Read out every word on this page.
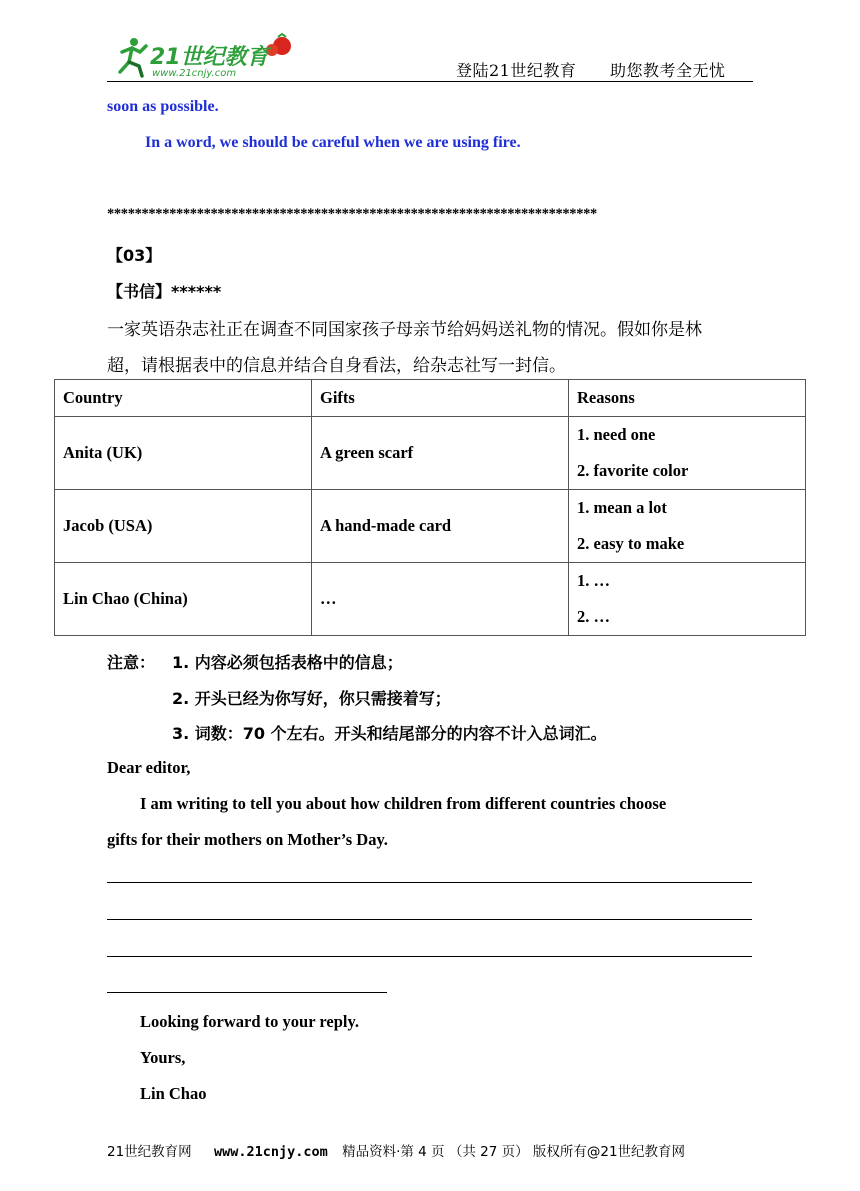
21世纪教育
www.21cnjy.com	登陆21世纪教育 助您教考全无忧
soon as possible.
In a word, we should be careful when we are using fire.
***********************************************************************
【03】
【书信】******
一家英语杂志社正在调查不同国家孩子母亲节给妈妈送礼物的情况。假如你是林
超，请根据表中的信息并结合自身看法，给杂志社写一封信。
Country	Gifts	Reasons
Anita (UK)	A green scarf	1. need one
2. favorite color

Jacob (USA)	A hand-made card	1. mean a lot
2. easy to make

Lin Chao (China)	…	1. …
2. …
注意： 1. 内容必须包括表格中的信息；
2. 开头已经为你写好，你只需接着写；
3. 词数：70 个左右。开头和结尾部分的内容不计入总词汇。
Dear editor,
I am writing to tell you about how children from different countries choose
gifts for their mothers on Mother’s Day.
Looking forward to your reply.
Yours,
Lin Chao
21世纪教育网 www.21cnjy.com 精品资料·第 4 页 （共 27 页） 版权所有@21世纪教育网
